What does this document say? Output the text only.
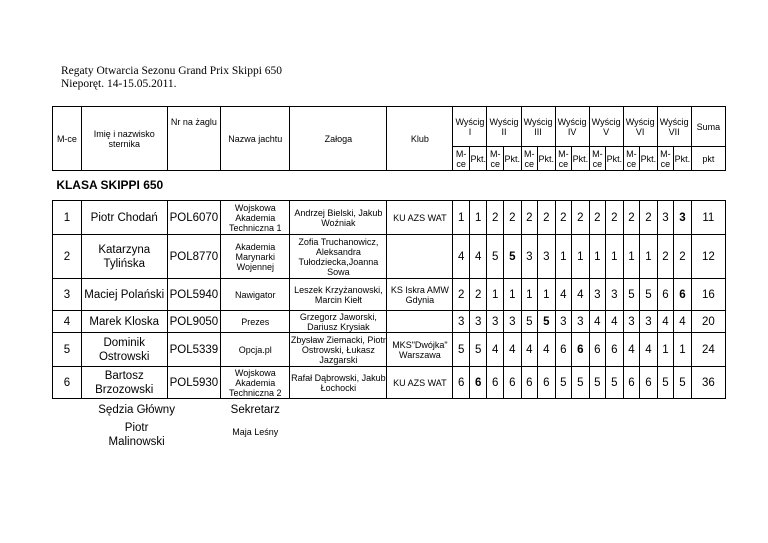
Regaty Otwarcia Sezonu Grand Prix Skippi 650
Nieporęt. 14-15.05.2011.
M-ce	Imię i nazwisko sternika	Nr na żaglu	Nazwa jachtu	Załoga	Klub	Wyścig I		Wyścig II		Wyścig III		Wyścig IV		Wyścig V		Wyścig VI		Wyścig VII		Suma
						M-ce	Pkt.	M-ce	Pkt.	M-ce	Pkt.	M-ce	Pkt.	M-ce	Pkt.	M-ce	Pkt.	M-ce	Pkt.	pkt

KLASA SKIPPI 650																				

1	Piotr Chodań	POL6070	Wojskowa Akademia Techniczna 1	Andrzej Bielski, Jakub Woźniak	KU AZS WAT	1	1	2	2	2	2	2	2	2	2	2	2	3	3	11
2	Katarzyna Tylińska	POL8770	Akademia Marynarki Wojennej	Zofia Truchanowicz, Aleksandra Tułodziecka,Joanna Sowa		4	4	5	5	3	3	1	1	1	1	1	1	2	2	12
3	Maciej Polański	POL5940	Nawigator	Leszek Krzyżanowski, Marcin Kiełt	KS Iskra AMW Gdynia	2	2	1	1	1	1	4	4	3	3	5	5	6	6	16
4	Marek Kloska	POL9050	Prezes	Grzegorz Jaworski, Dariusz Krysiak		3	3	3	3	5	5	3	3	4	4	3	3	4	4	20
5	Dominik Ostrowski	POL5339	Opcja.pl	Zbysław Ziemacki, Piotr Ostrowski, Łukasz Jazgarski	MKS"Dwójka" Warszawa	5	5	4	4	4	4	6	6	6	6	4	4	1	1	24
6	Bartosz Brzozowski	POL5930	Wojskowa Akademia Techniczna 2	Rafał Dąbrowski, Jakub Łochocki	KU AZS WAT	6	6	6	6	6	6	5	5	5	5	6	6	5	5	36
Sędzia Główny			Sekretarz																	

Piotr Malinowski			Maja Leśny																	
